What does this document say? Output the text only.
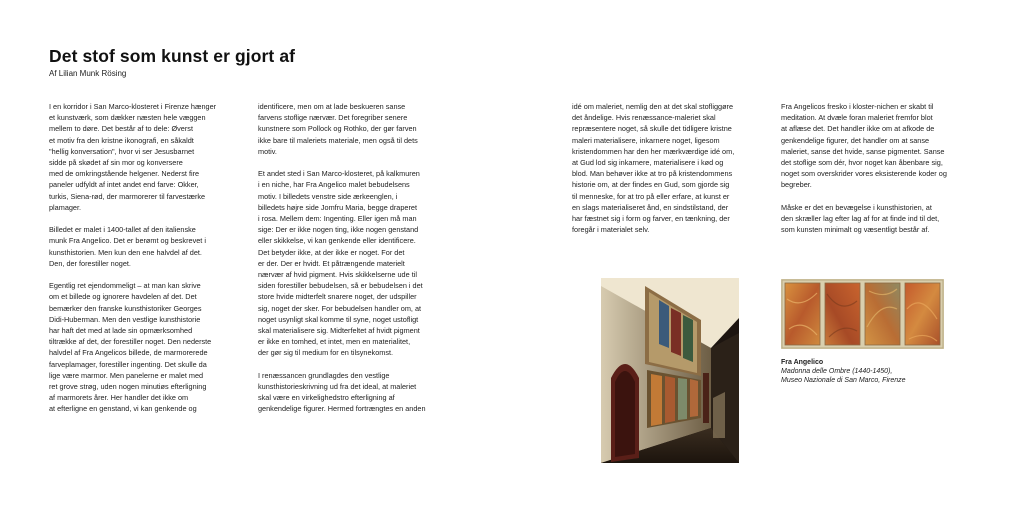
Det stof som kunst er gjort af
Af Lilian Munk Rösing

I en korridor i San Marco-klosteret i Firenze hænger
et kunstværk, som dækker næsten hele væggen
mellem to døre. Det består af to dele: Øverst
et motiv fra den kristne ikonografi, en såkaldt
"hellig konversation", hvor vi ser Jesusbarnet
sidde på skødet af sin mor og konversere
med de omkringstående helgener. Nederst fire
paneler udfyldt af intet andet end farve: Okker,
turkis, Siena-rød, der marmorerer til farvestærke
plamager.

Billedet er malet i 1400-tallet af den italienske
munk Fra Angelico. Det er berømt og beskrevet i
kunsthistorien. Men kun den ene halvdel af det.
Den, der forestiller noget.

Egentlig ret ejendommeligt – at man kan skrive
om et billede og ignorere havdelen af det. Det
bemærker den franske kunsthistoriker Georges
Didi-Huberman. Men den vestlige kunsthistorie
har haft det med at lade sin opmærksomhed
tiltrække af det, der forestiller noget. Den nederste
halvdel af Fra Angelicos billede, de marmorerede
farveplamager, forestiller ingenting. Det skulle da
lige være marmor. Men panelerne er malet med
ret grove strøg, uden nogen minutiøs efterligning
af marmorets årer. Her handler det ikke om
at efterligne en genstand, vi kan genkende og

identificere, men om at lade beskueren sanse
farvens stoflige nærvær. Det foregriber senere
kunstnere som Pollock og Rothko, der gør farven
ikke bare til maleriets materiale, men også til dets
motiv.

Et andet sted i San Marco-klosteret, på kalkmuren
i en niche, har Fra Angelico malet bebudelsens
motiv. I billedets venstre side ærkeenglen, i
billedets højre side Jomfru Maria, begge draperet
i rosa. Mellem dem: Ingenting. Eller igen må man
sige: Der er ikke nogen ting, ikke nogen genstand
eller skikkelse, vi kan genkende eller identificere.
Det betyder ikke, at der ikke er noget. For det
er der. Der er hvidt. Et påtrængende materielt
nærvær af hvid pigment. Hvis skikkelserne ude til
siden forestiller bebudelsen, så er bebudelsen i det
store hvide midterfelt snarere noget, der udspiller
sig, noget der sker. For bebudelsen handler om, at
noget usynligt skal komme til syne, noget ustofligt
skal materialisere sig. Midterfeltet af hvidt pigment
er ikke en tomhed, et intet, men en materialitet,
der gør sig til medium for en tilsynekomst.

I renæssancen grundlagdes den vestlige
kunsthistorieskrivning ud fra det ideal, at maleriet
skal være en virkelighedstro efterligning af
genkendelige figurer. Hermed fortrængtes en anden

idé om maleriet, nemlig den at det skal stofliggøre
det åndelige. Hvis renæssance-maleriet skal
repræsentere noget, så skulle det tidligere kristne
maleri materialisere, inkarnere noget, ligesom
kristendommen har den her mærkværdige idé om,
at Gud lod sig inkarnere, materialisere i kød og
blod. Man behøver ikke at tro på kristendommens
historie om, at der findes en Gud, som gjorde sig
til menneske, for at tro på eller erfare, at kunst er
en slags materialiseret ånd, en sindstilstand, der
har fæstnet sig i form og farver, en tænkning, der
foregår i materialet selv.

Fra Angelicos fresko i kloster-nichen er skabt til
meditation. At dvæle foran maleriet fremfor blot
at aflæse det. Det handler ikke om at afkode de
genkendelige figurer, det handler om at sanse
maleriet, sanse det hvide, sanse pigmentet. Sanse
det stoflige som dér, hvor noget kan åbenbare sig,
noget som overskrider vores eksisterende koder og
begreber.

Måske er det en bevægelse i kunsthistorien, at
den skræller lag efter lag af for at finde ind til det,
som kunsten minimalt og væsentligt består af.

Fra Angelico
Madonna delle Ombre (1440-1450),
Museo Nazionale di San Marco, Firenze
